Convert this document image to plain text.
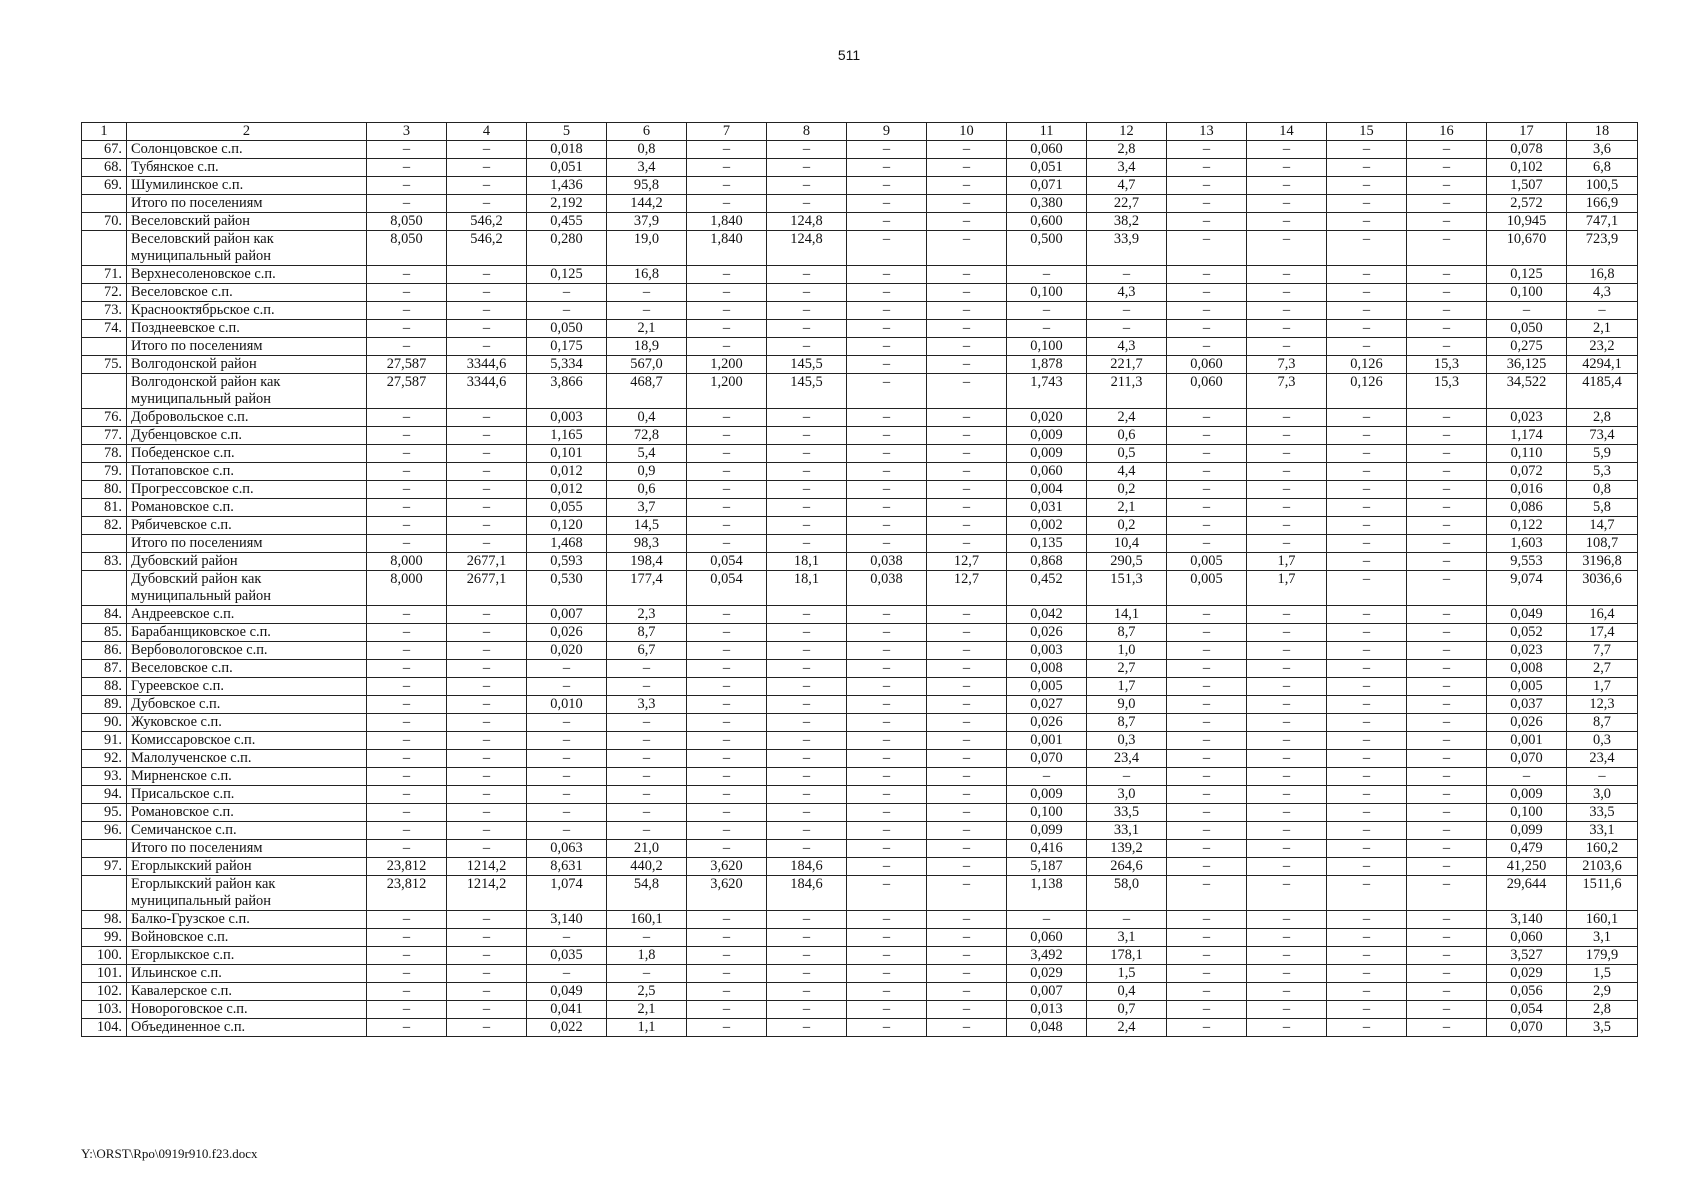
511
1	2	3	4	5	6	7	8	9	10	11	12	13	14	15	16	17	18
67.	Солонцовское с.п.	–	–	0,018	0,8	–	–	–	–	0,060	2,8	–	–	–	–	0,078	3,6
68.	Тубянское с.п.	–	–	0,051	3,4	–	–	–	–	0,051	3,4	–	–	–	–	0,102	6,8
69.	Шумилинское с.п.	–	–	1,436	95,8	–	–	–	–	0,071	4,7	–	–	–	–	1,507	100,5
	Итого по поселениям	–	–	2,192	144,2	–	–	–	–	0,380	22,7	–	–	–	–	2,572	166,9
70.	Веселовский район	8,050	546,2	0,455	37,9	1,840	124,8	–	–	0,600	38,2	–	–	–	–	10,945	747,1
	Веселовский район как муниципальный район	8,050	546,2	0,280	19,0	1,840	124,8	–	–	0,500	33,9	–	–	–	–	10,670	723,9
71.	Верхнесоленовское с.п.	–	–	0,125	16,8	–	–	–	–	–	–	–	–	–	–	0,125	16,8
72.	Веселовское с.п.	–	–	–	–	–	–	–	–	0,100	4,3	–	–	–	–	0,100	4,3
73.	Краснооктябрьское с.п.	–	–	–	–	–	–	–	–	–	–	–	–	–	–	–	–
74.	Позднеевское с.п.	–	–	0,050	2,1	–	–	–	–	–	–	–	–	–	–	0,050	2,1
	Итого по поселениям	–	–	0,175	18,9	–	–	–	–	0,100	4,3	–	–	–	–	0,275	23,2
75.	Волгодонской район	27,587	3344,6	5,334	567,0	1,200	145,5	–	–	1,878	221,7	0,060	7,3	0,126	15,3	36,125	4294,1
	Волгодонской район как муниципальный район	27,587	3344,6	3,866	468,7	1,200	145,5	–	–	1,743	211,3	0,060	7,3	0,126	15,3	34,522	4185,4
76.	Добровольское с.п.	–	–	0,003	0,4	–	–	–	–	0,020	2,4	–	–	–	–	0,023	2,8
77.	Дубенцовское с.п.	–	–	1,165	72,8	–	–	–	–	0,009	0,6	–	–	–	–	1,174	73,4
78.	Победенское с.п.	–	–	0,101	5,4	–	–	–	–	0,009	0,5	–	–	–	–	0,110	5,9
79.	Потаповское с.п.	–	–	0,012	0,9	–	–	–	–	0,060	4,4	–	–	–	–	0,072	5,3
80.	Прогрессовское с.п.	–	–	0,012	0,6	–	–	–	–	0,004	0,2	–	–	–	–	0,016	0,8
81.	Романовское с.п.	–	–	0,055	3,7	–	–	–	–	0,031	2,1	–	–	–	–	0,086	5,8
82.	Рябичевское с.п.	–	–	0,120	14,5	–	–	–	–	0,002	0,2	–	–	–	–	0,122	14,7
	Итого по поселениям	–	–	1,468	98,3	–	–	–	–	0,135	10,4	–	–	–	–	1,603	108,7
83.	Дубовский район	8,000	2677,1	0,593	198,4	0,054	18,1	0,038	12,7	0,868	290,5	0,005	1,7	–	–	9,553	3196,8
	Дубовский район как муниципальный район	8,000	2677,1	0,530	177,4	0,054	18,1	0,038	12,7	0,452	151,3	0,005	1,7	–	–	9,074	3036,6
84.	Андреевское с.п.	–	–	0,007	2,3	–	–	–	–	0,042	14,1	–	–	–	–	0,049	16,4
85.	Барабанщиковское с.п.	–	–	0,026	8,7	–	–	–	–	0,026	8,7	–	–	–	–	0,052	17,4
86.	Вербовологовское с.п.	–	–	0,020	6,7	–	–	–	–	0,003	1,0	–	–	–	–	0,023	7,7
87.	Веселовское с.п.	–	–	–	–	–	–	–	–	0,008	2,7	–	–	–	–	0,008	2,7
88.	Гуреевское с.п.	–	–	–	–	–	–	–	–	0,005	1,7	–	–	–	–	0,005	1,7
89.	Дубовское с.п.	–	–	0,010	3,3	–	–	–	–	0,027	9,0	–	–	–	–	0,037	12,3
90.	Жуковское с.п.	–	–	–	–	–	–	–	–	0,026	8,7	–	–	–	–	0,026	8,7
91.	Комиссаровское с.п.	–	–	–	–	–	–	–	–	0,001	0,3	–	–	–	–	0,001	0,3
92.	Малолученское с.п.	–	–	–	–	–	–	–	–	0,070	23,4	–	–	–	–	0,070	23,4
93.	Мирненское с.п.	–	–	–	–	–	–	–	–	–	–	–	–	–	–	–	–
94.	Присальское с.п.	–	–	–	–	–	–	–	–	0,009	3,0	–	–	–	–	0,009	3,0
95.	Романовское с.п.	–	–	–	–	–	–	–	–	0,100	33,5	–	–	–	–	0,100	33,5
96.	Семичанское с.п.	–	–	–	–	–	–	–	–	0,099	33,1	–	–	–	–	0,099	33,1
	Итого по поселениям	–	–	0,063	21,0	–	–	–	–	0,416	139,2	–	–	–	–	0,479	160,2
97.	Егорлыкский район	23,812	1214,2	8,631	440,2	3,620	184,6	–	–	5,187	264,6	–	–	–	–	41,250	2103,6
	Егорлыкский район как муниципальный район	23,812	1214,2	1,074	54,8	3,620	184,6	–	–	1,138	58,0	–	–	–	–	29,644	1511,6
98.	Балко-Грузское с.п.	–	–	3,140	160,1	–	–	–	–	–	–	–	–	–	–	3,140	160,1
99.	Войновское с.п.	–	–	–	–	–	–	–	–	0,060	3,1	–	–	–	–	0,060	3,1
100.	Егорлыкское с.п.	–	–	0,035	1,8	–	–	–	–	3,492	178,1	–	–	–	–	3,527	179,9
101.	Ильинское с.п.	–	–	–	–	–	–	–	–	0,029	1,5	–	–	–	–	0,029	1,5
102.	Кавалерское с.п.	–	–	0,049	2,5	–	–	–	–	0,007	0,4	–	–	–	–	0,056	2,9
103.	Новороговское с.п.	–	–	0,041	2,1	–	–	–	–	0,013	0,7	–	–	–	–	0,054	2,8
104.	Объединенное с.п.	–	–	0,022	1,1	–	–	–	–	0,048	2,4	–	–	–	–	0,070	3,5
Y:\ORST\Rpo\0919r910.f23.docx
